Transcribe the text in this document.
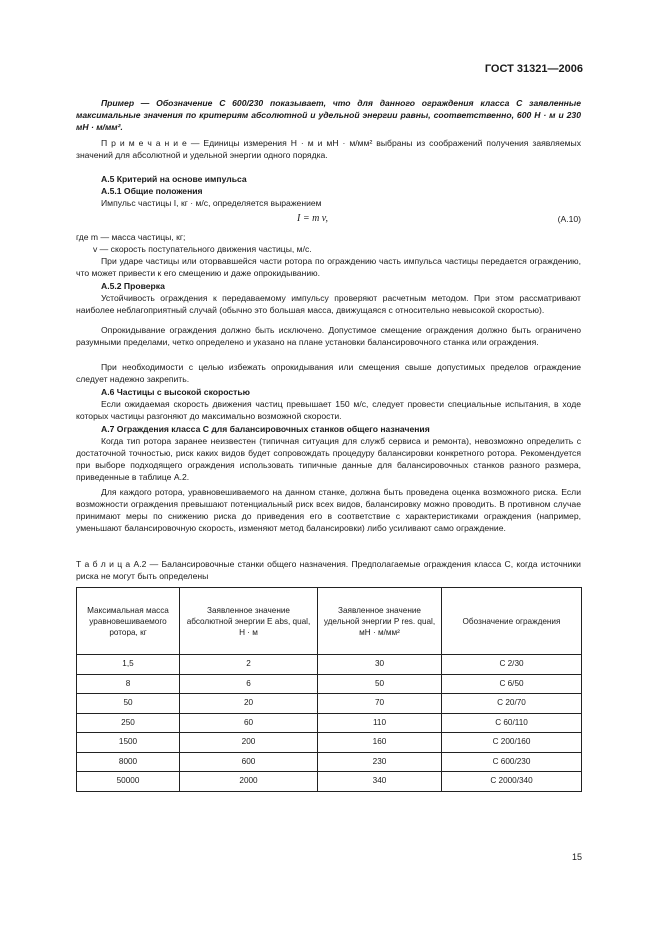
ГОСТ 31321—2006
Пример — Обозначение С 600/230 показывает, что для данного ограждения класса С заявленные максимальные значения по критериям абсолютной и удельной энергии равны, соответственно, 600 Н · м и 230 мН · м/мм².
П р и м е ч а н и е — Единицы измерения Н · м и мН · м/мм² выбраны из соображений получения заявляемых значений для абсолютной и удельной энергии одного порядка.
А.5 Критерий на основе импульса
А.5.1 Общие положения
Импульс частицы I, кг · м/с, определяется выражением
I = m v,	(А.10)
где m — масса частицы, кг;
v — скорость поступательного движения частицы, м/с.
При ударе частицы или оторвавшейся части ротора по ограждению часть импульса частицы передается ограждению, что может привести к его смещению и даже опрокидыванию.
А.5.2 Проверка
Устойчивость ограждения к передаваемому импульсу проверяют расчетным методом. При этом рассматривают наиболее неблагоприятный случай (обычно это большая масса, движущаяся с относительно невысокой скоростью).
Опрокидывание ограждения должно быть исключено. Допустимое смещение ограждения должно быть ограничено разумными пределами, четко определено и указано на плане установки балансировочного станка или ограждения.
При необходимости с целью избежать опрокидывания или смещения свыше допустимых пределов ограждение следует надежно закрепить.
А.6 Частицы с высокой скоростью
Если ожидаемая скорость движения частиц превышает 150 м/с, следует провести специальные испытания, в ходе которых частицы разгоняют до максимально возможной скорости.
А.7 Ограждения класса С для балансировочных станков общего назначения
Когда тип ротора заранее неизвестен (типичная ситуация для служб сервиса и ремонта), невозможно определить с достаточной точностью, риск каких видов будет сопровождать процедуру балансировки конкретного ротора. Рекомендуется при выборе подходящего ограждения использовать типичные данные для балансировочных станков разного размера, приведенные в таблице А.2.
Для каждого ротора, уравновешиваемого на данном станке, должна быть проведена оценка возможного риска. Если возможности ограждения превышают потенциальный риск всех видов, балансировку можно проводить. В противном случае принимают меры по снижению риска до приведения его в соответствие с характеристиками ограждения (например, уменьшают балансировочную скорость, изменяют метод балансировки) либо усиливают само ограждение.
Т а б л и ц а А.2 — Балансировочные станки общего назначения. Предполагаемые ограждения класса С, когда источники риска не могут быть определены
Максимальная масса уравновешиваемого ротора, кг	Заявленное значение абсолютной энергии E abs, qual, Н · м	Заявленное значение удельной энергии P res. qual, мН · м/мм²	Обозначение ограждения
1,5	2	30	С 2/30
8	6	50	С 6/50
50	20	70	С 20/70
250	60	110	С 60/110
1500	200	160	С 200/160
8000	600	230	С 600/230
50000	2000	340	С 2000/340
15
